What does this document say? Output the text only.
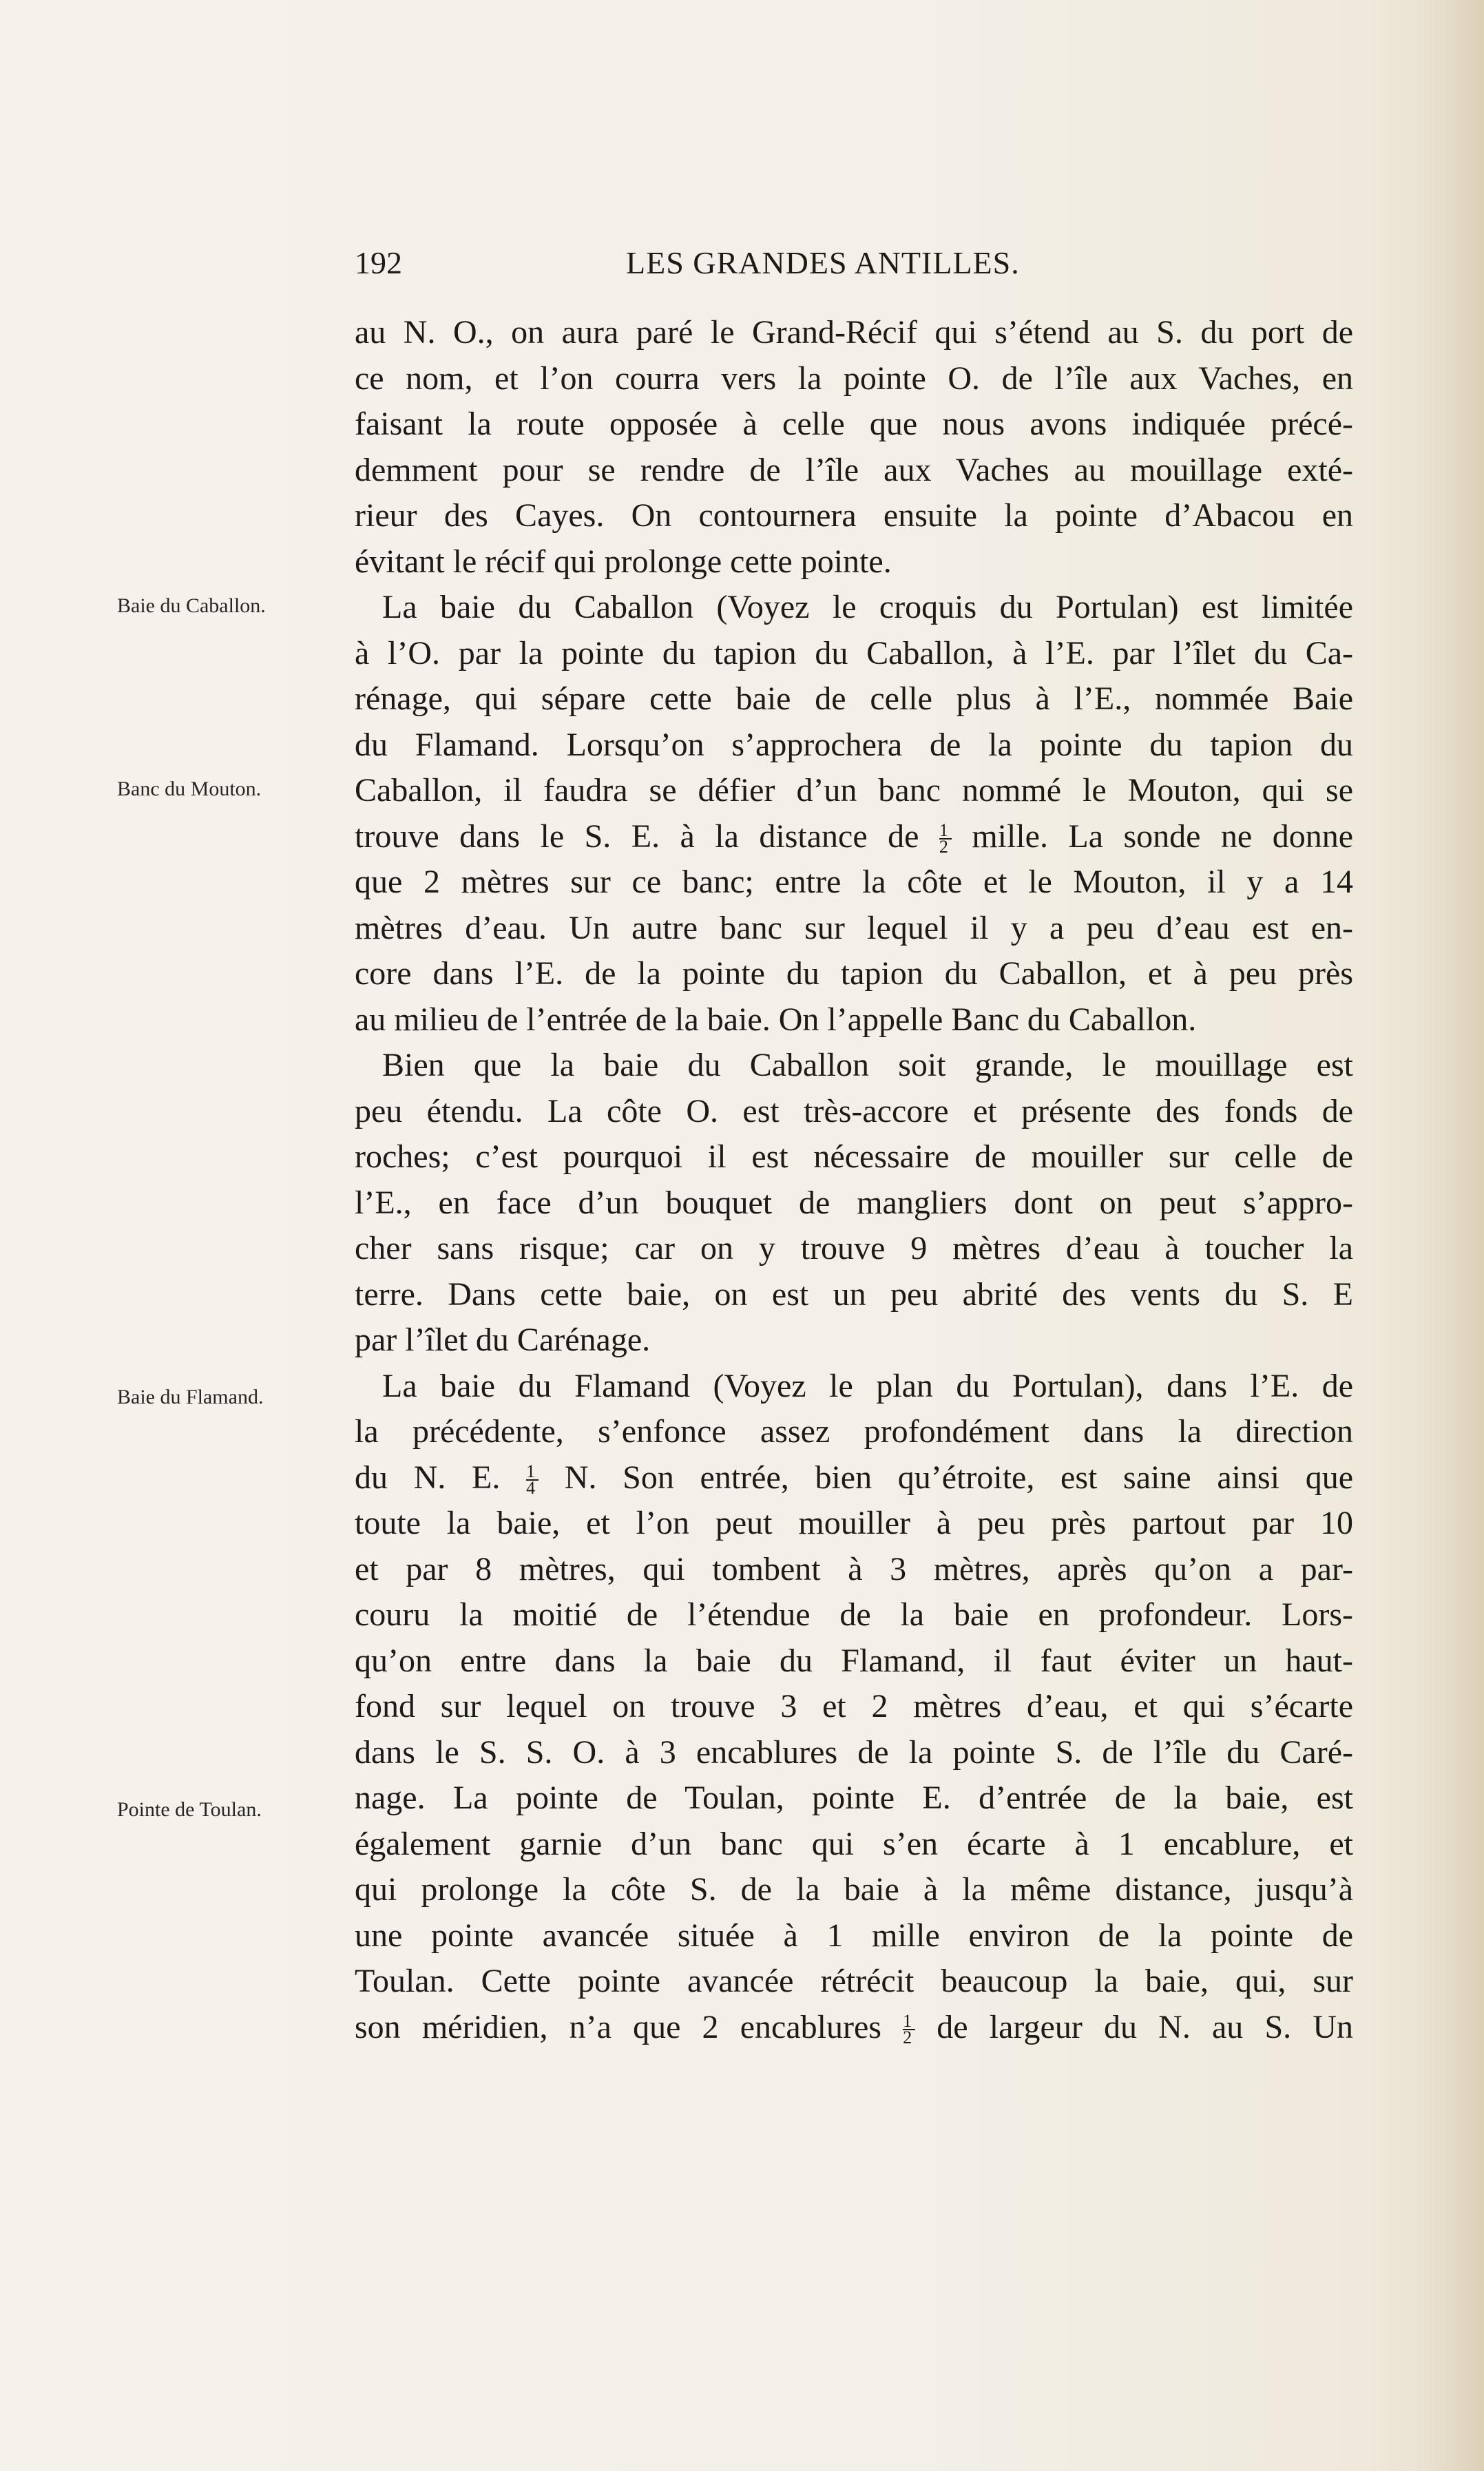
192	LES GRANDES ANTILLES.
Baie du Caballon.
Banc du Mouton.
Baie du Flamand.
Pointe de Toulan.
au N. O., on aura paré le Grand-Récif qui s’étend au S. du port de
ce nom, et l’on courra vers la pointe O. de l’île aux Vaches, en
faisant la route opposée à celle que nous avons indiquée précé-
demment pour se rendre de l’île aux Vaches au mouillage exté-
rieur des Cayes. On contournera ensuite la pointe d’Abacou en
évitant le récif qui prolonge cette pointe.
La baie du Caballon (Voyez le croquis du Portulan) est limitée
à l’O. par la pointe du tapion du Caballon, à l’E. par l’îlet du Ca-
rénage, qui sépare cette baie de celle plus à l’E., nommée Baie
du Flamand. Lorsqu’on s’approchera de la pointe du tapion du
Caballon, il faudra se défier d’un banc nommé le Mouton, qui se
trouve dans le S. E. à la distance de $\frac{1}{2}$ mille. La sonde ne donne
que 2 mètres sur ce banc; entre la côte et le Mouton, il y a 14
mètres d’eau. Un autre banc sur lequel il y a peu d’eau est en-
core dans l’E. de la pointe du tapion du Caballon, et à peu près
au milieu de l’entrée de la baie. On l’appelle Banc du Caballon.
Bien que la baie du Caballon soit grande, le mouillage est
peu étendu. La côte O. est très-accore et présente des fonds de
roches; c’est pourquoi il est nécessaire de mouiller sur celle de
l’E., en face d’un bouquet de mangliers dont on peut s’appro-
cher sans risque; car on y trouve 9 mètres d’eau à toucher la
terre. Dans cette baie, on est un peu abrité des vents du S. E
par l’îlet du Carénage.
La baie du Flamand (Voyez le plan du Portulan), dans l’E. de
la précédente, s’enfonce assez profondément dans la direction
du N. E. $\frac{1}{4} N$. Son entrée, bien qu’étroite, est saine ainsi que
toute la baie, et l’on peut mouiller à peu près partout par 10
et par 8 mètres, qui tombent à 3 mètres, après qu’on a par-
couru la moitié de l’étendue de la baie en profondeur. Lors-
qu’on entre dans la baie du Flamand, il faut éviter un haut-
fond sur lequel on trouve 3 et 2 mètres d’eau, et qui s’écarte
dans le S. S. O. à 3 encablures de la pointe S. de l’île du Caré-
nage. La pointe de Toulan, pointe E. d’entrée de la baie, est
également garnie d’un banc qui s’en écarte à 1 encablure, et
qui prolonge la côte S. de la baie à la même distance, jusqu’à
une pointe avancée située à 1 mille environ de la pointe de
Toulan. Cette pointe avancée rétrécit beaucoup la baie, qui, sur
son méridien, n’a que 2 encablures $\frac{1}{2}$ de largeur du N. au S. Un
